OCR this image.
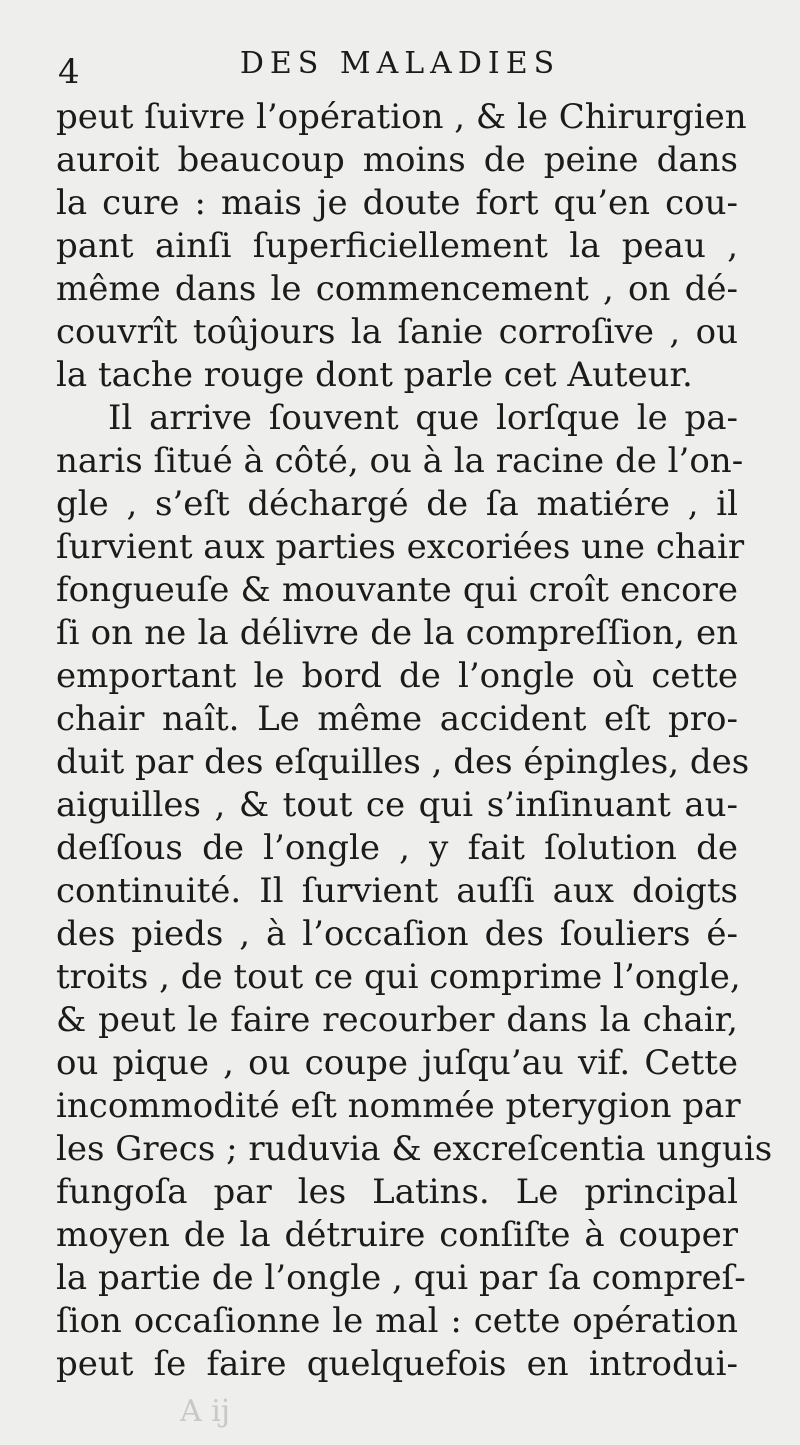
4	DES MALADIES
peut ſuivre l’opération , & le Chirurgien
auroit beaucoup moins de peine dans
la cure : mais je doute fort qu’en cou-
pant ainſi ſuperficiellement la peau ,
même dans le commencement , on dé-
couvrît toûjours la ſanie corroſive , ou
la tache rouge dont parle cet Auteur.
Il arrive ſouvent que lorſque le pa-
naris ſitué à côté, ou à la racine de l’on-
gle , s’eſt déchargé de ſa matiére , il
ſurvient aux parties excoriées une chair
fongueuſe & mouvante qui croît encore
ſi on ne la délivre de la compreſſion, en
emportant le bord de l’ongle où cette
chair naît. Le même accident eſt pro-
duit par des eſquilles , des épingles, des
aiguilles , & tout ce qui s’inſinuant au-
deſſous de l’ongle , y fait ſolution de
continuité. Il ſurvient auſſi aux doigts
des pieds , à l’occaſion des ſouliers é-
troits , de tout ce qui comprime l’ongle,
& peut le faire recourber dans la chair,
ou pique , ou coupe juſqu’au vif. Cette
incommodité eſt nommée pterygion par
les Grecs ; ruduvia & excreſcentia unguis
fungoſa par les Latins. Le principal
moyen de la détruire conſiſte à couper
la partie de l’ongle , qui par ſa compreſ-
ſion occaſionne le mal : cette opération
peut ſe faire quelquefois en introdui-
A ij
